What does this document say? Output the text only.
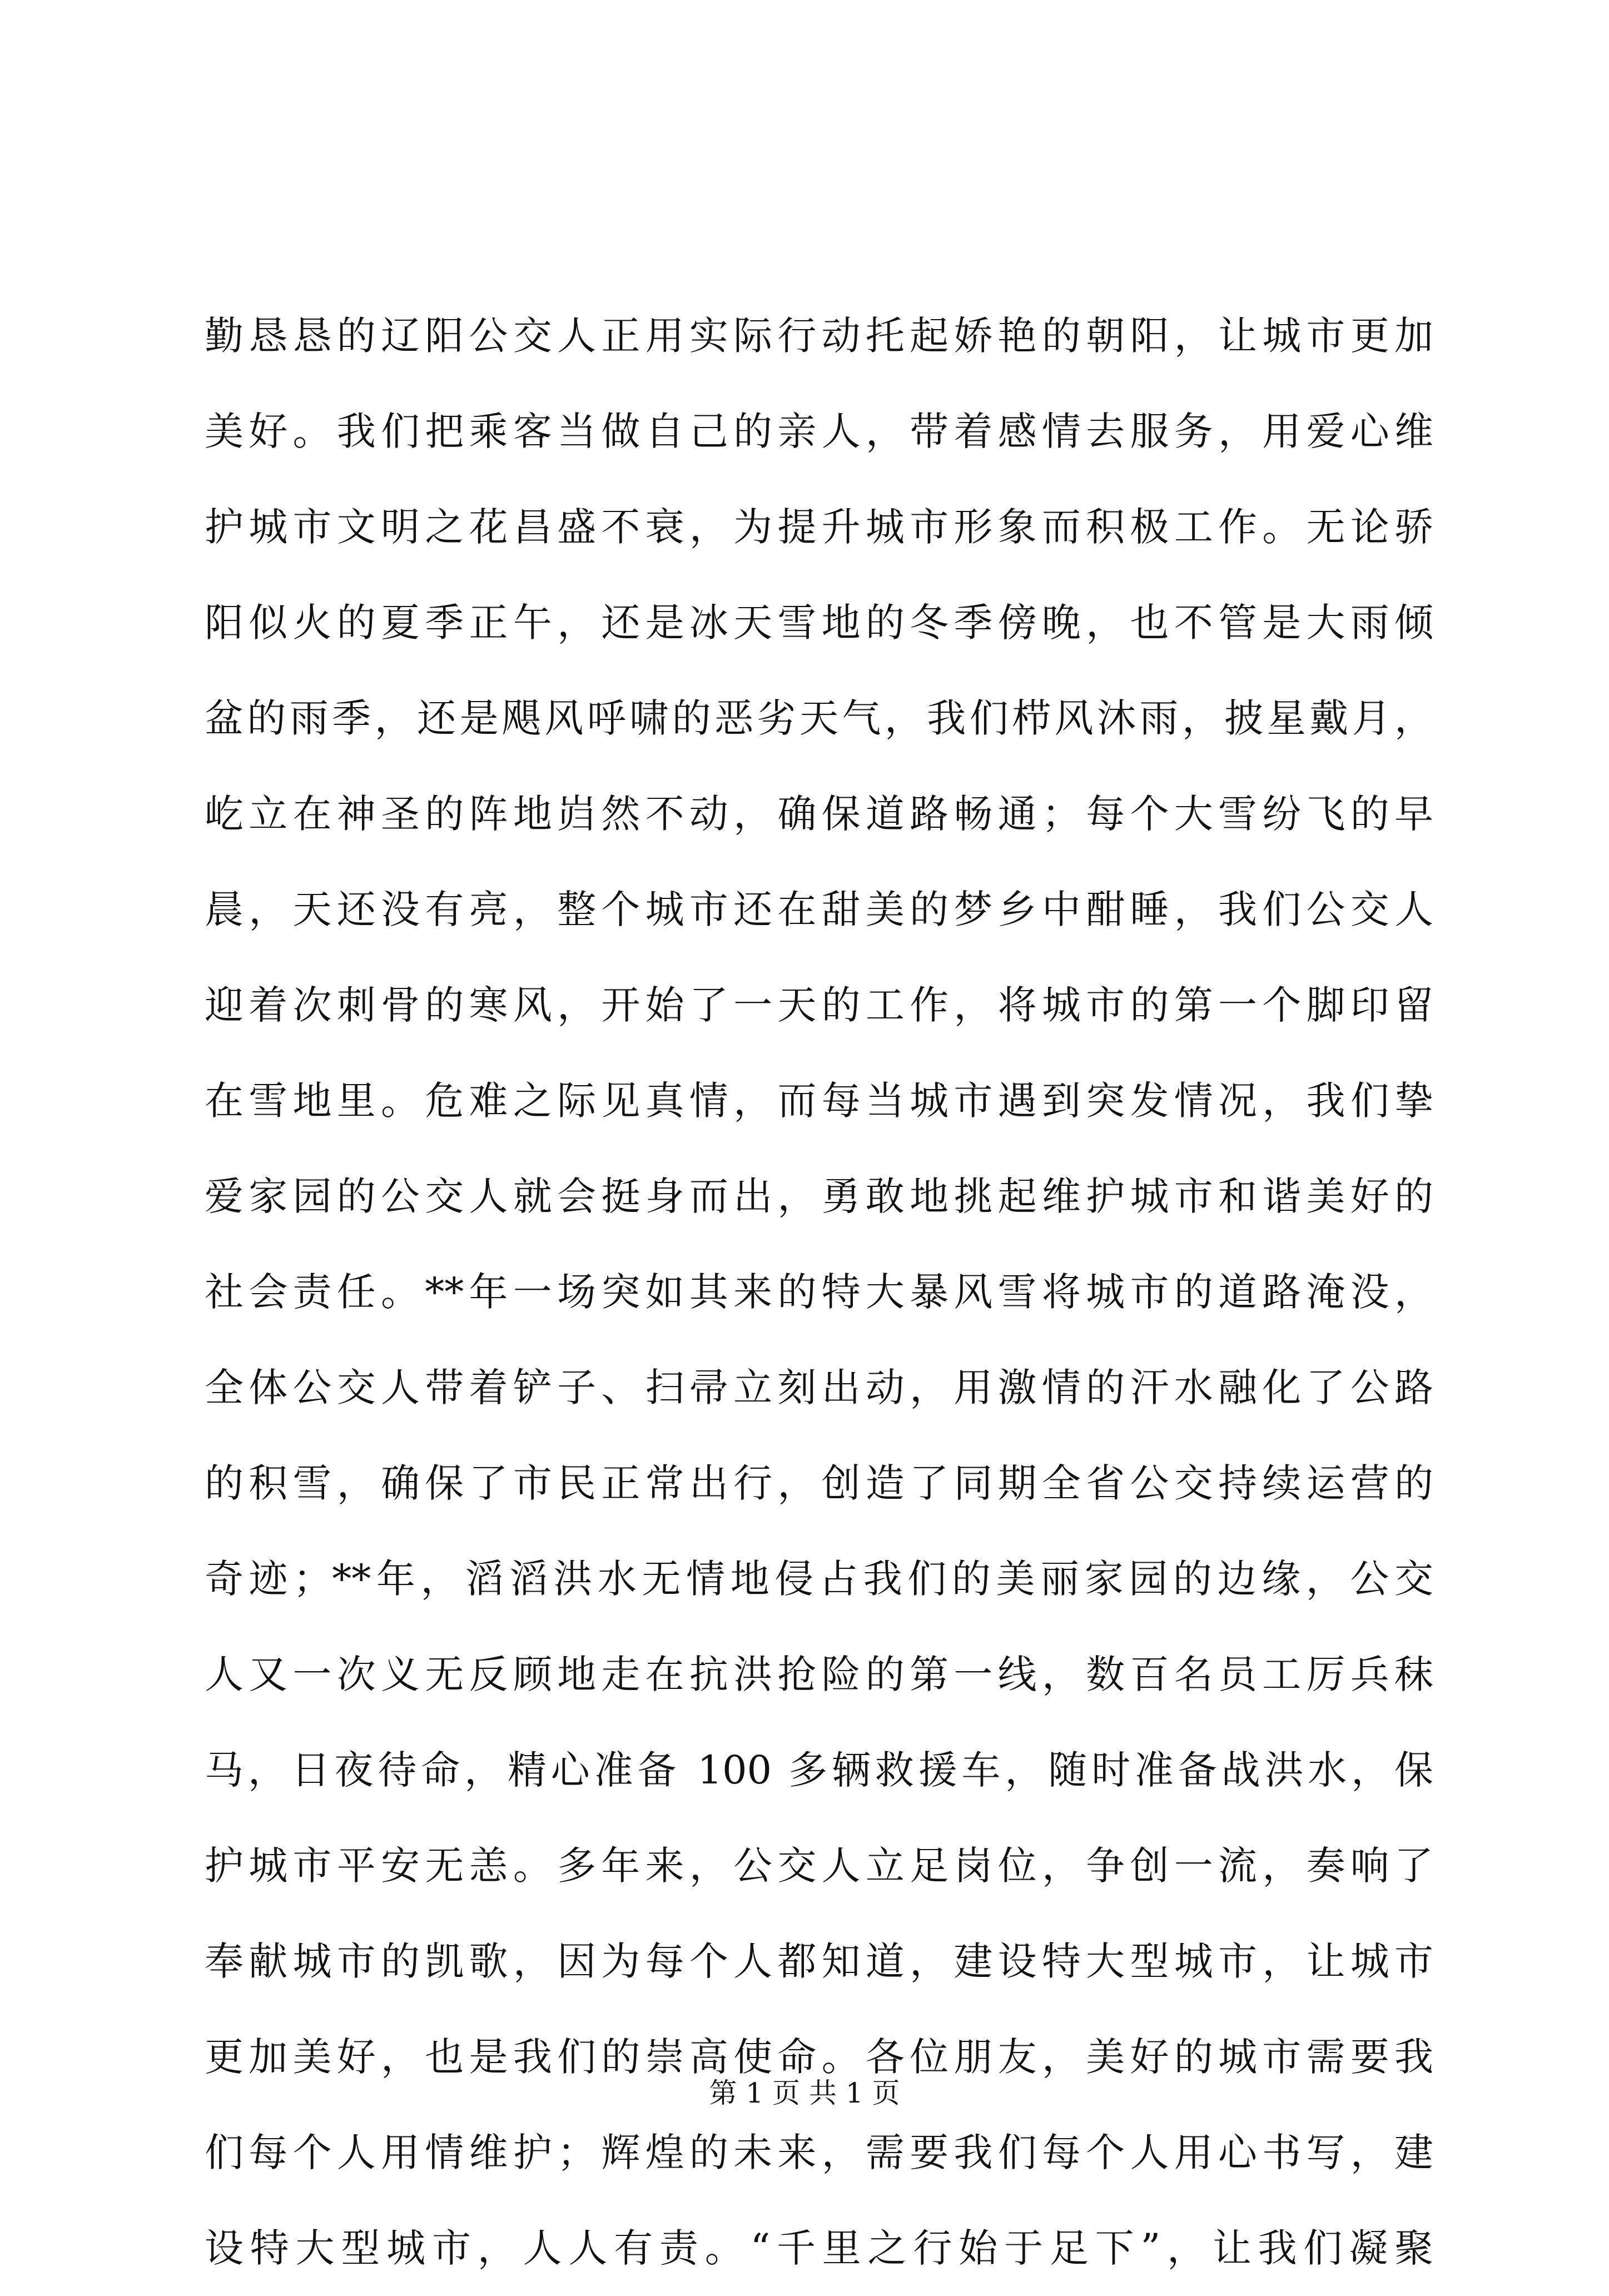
勤恳恳的辽阳公交人正用实际行动托起娇艳的朝阳，让城市更加
美好。我们把乘客当做自己的亲人，带着感情去服务，用爱心维
护城市文明之花昌盛不衰，为提升城市形象而积极工作。无论骄
阳似火的夏季正午，还是冰天雪地的冬季傍晚，也不管是大雨倾
盆的雨季，还是飓风呼啸的恶劣天气，我们栉风沐雨，披星戴月，
屹立在神圣的阵地岿然不动，确保道路畅通；每个大雪纷飞的早
晨，天还没有亮，整个城市还在甜美的梦乡中酣睡，我们公交人
迎着次刺骨的寒风，开始了一天的工作，将城市的第一个脚印留
在雪地里。危难之际见真情，而每当城市遇到突发情况，我们挚
爱家园的公交人就会挺身而出，勇敢地挑起维护城市和谐美好的
社会责任。**年一场突如其来的特大暴风雪将城市的道路淹没，
全体公交人带着铲子、扫帚立刻出动，用激情的汗水融化了公路
的积雪，确保了市民正常出行，创造了同期全省公交持续运营的
奇迹；**年，滔滔洪水无情地侵占我们的美丽家园的边缘，公交
人又一次义无反顾地走在抗洪抢险的第一线，数百名员工厉兵秣
马，日夜待命，精心准备 100 多辆救援车，随时准备战洪水，保
护城市平安无恙。多年来，公交人立足岗位，争创一流，奏响了
奉献城市的凯歌，因为每个人都知道，建设特大型城市，让城市
更加美好，也是我们的崇高使命。各位朋友，美好的城市需要我
们每个人用情维护；辉煌的未来，需要我们每个人用心书写，建
设特大型城市，人人有责。“千里之行始于足下”，让我们凝聚
第 1 页 共 1 页
